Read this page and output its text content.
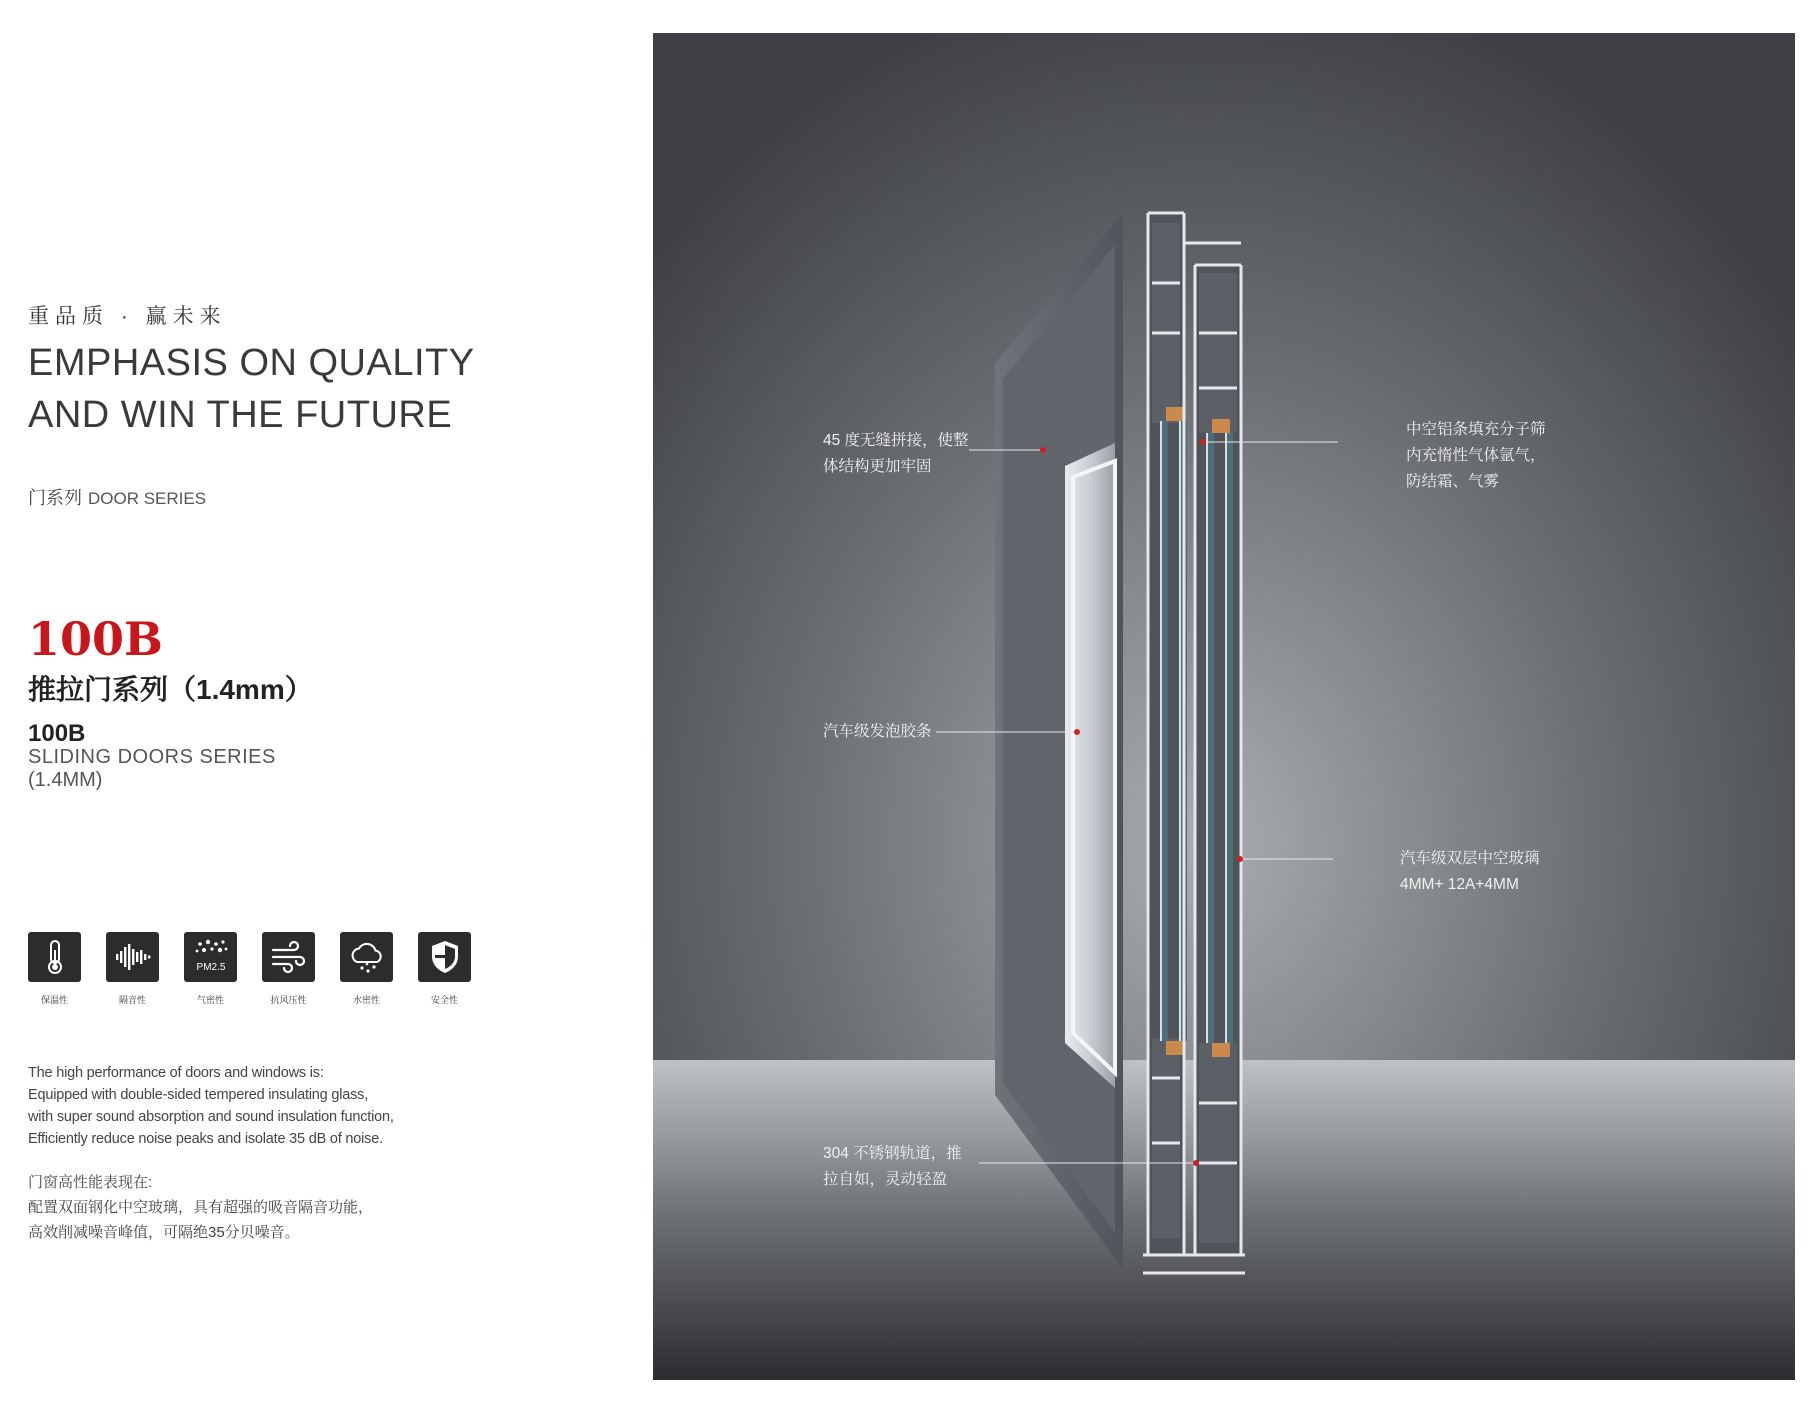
重品质 · 赢未来
EMPHASIS ON QUALITY
AND WIN THE FUTURE
门系列 DOOR SERIES
100B
推拉门系列（1.4mm）
100B
SLIDING DOORS SERIES
(1.4MM)
保温性	隔音性
PM2.5
气密性	抗风压性	水密性	安全性
The high performance of doors and windows is:
Equipped with double-sided tempered insulating glass,
with super sound absorption and sound insulation function,
Efficiently reduce noise peaks and isolate 35 dB of noise.
门窗高性能表现在:
配置双面钢化中空玻璃，具有超强的吸音隔音功能，
高效削减噪音峰值，可隔绝35分贝噪音。
45 度无缝拼接，使整
体结构更加牢固
中空铝条填充分子筛
内充惰性气体氩气，
防结霜、气雾
汽车级发泡胶条
汽车级双层中空玻璃
4MM+ 12A+4MM
304 不锈钢轨道，推
拉自如，灵动轻盈
